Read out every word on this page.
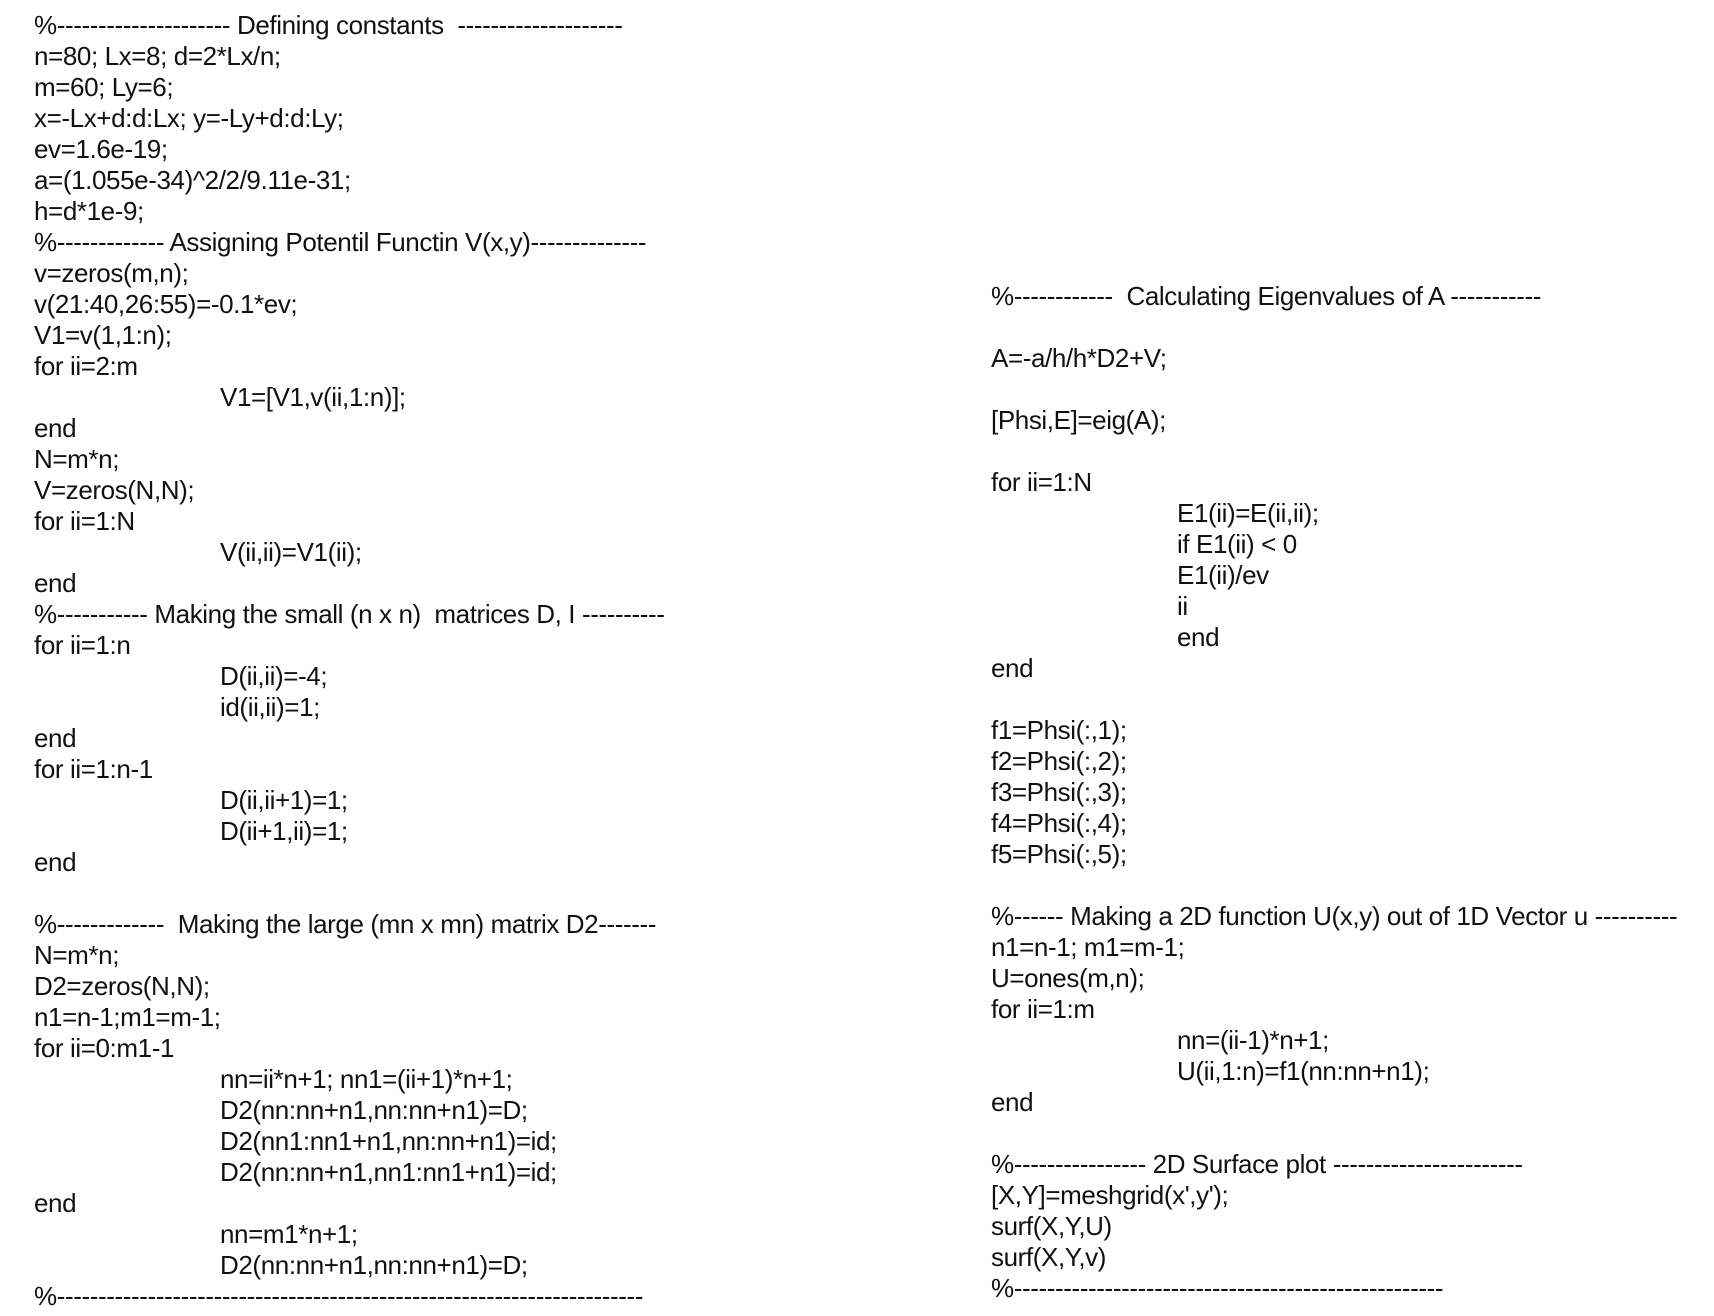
%--------------------- Defining constants  --------------------
n=80; Lx=8; d=2*Lx/n;
m=60; Ly=6;
x=-Lx+d:d:Lx; y=-Ly+d:d:Ly;
ev=1.6e-19;
a=(1.055e-34)^2/2/9.11e-31;
h=d*1e-9;
%------------- Assigning Potentil Functin V(x,y)--------------
v=zeros(m,n);
v(21:40,26:55)=-0.1*ev;
V1=v(1,1:n);
for ii=2:m
V1=[V1,v(ii,1:n)];
end
N=m*n;
V=zeros(N,N);
for ii=1:N
V(ii,ii)=V1(ii);
end
%----------- Making the small (n x n)  matrices D, I ----------
for ii=1:n
D(ii,ii)=-4;
id(ii,ii)=1;
end
for ii=1:n-1
D(ii,ii+1)=1;
D(ii+1,ii)=1;
end
%-------------  Making the large (mn x mn) matrix D2-------
N=m*n;
D2=zeros(N,N);
n1=n-1;m1=m-1;
for ii=0:m1-1
nn=ii*n+1; nn1=(ii+1)*n+1;
D2(nn:nn+n1,nn:nn+n1)=D;
D2(nn1:nn1+n1,nn:nn+n1)=id;
D2(nn:nn+n1,nn1:nn1+n1)=id;
end
nn=m1*n+1;
D2(nn:nn+n1,nn:nn+n1)=D;
%-----------------------------------------------------------------------
%------------  Calculating Eigenvalues of A -----------
A=-a/h/h*D2+V;
[Phsi,E]=eig(A);
for ii=1:N
E1(ii)=E(ii,ii);
if E1(ii) < 0
E1(ii)/ev
ii
end
end
f1=Phsi(:,1);
f2=Phsi(:,2);
f3=Phsi(:,3);
f4=Phsi(:,4);
f5=Phsi(:,5);
%------ Making a 2D function U(x,y) out of 1D Vector u ----------
n1=n-1; m1=m-1;
U=ones(m,n);
for ii=1:m
nn=(ii-1)*n+1;
U(ii,1:n)=f1(nn:nn+n1);
end
%---------------- 2D Surface plot -----------------------
[X,Y]=meshgrid(x',y');
surf(X,Y,U)
surf(X,Y,v)
%----------------------------------------------------
